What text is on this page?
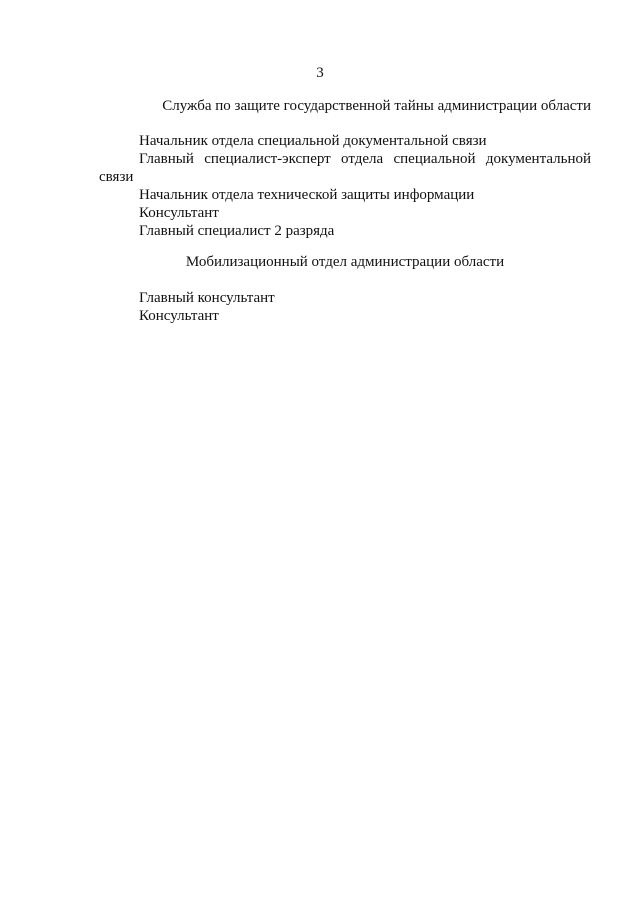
3
Служба по защите государственной тайны администрации области
Начальник отдела специальной документальной связи
Главный специалист-эксперт отдела специальной документальной связи
Начальник отдела технической защиты информации
Консультант
Главный специалист 2 разряда
Мобилизационный отдел администрации области
Главный консультант
Консультант
